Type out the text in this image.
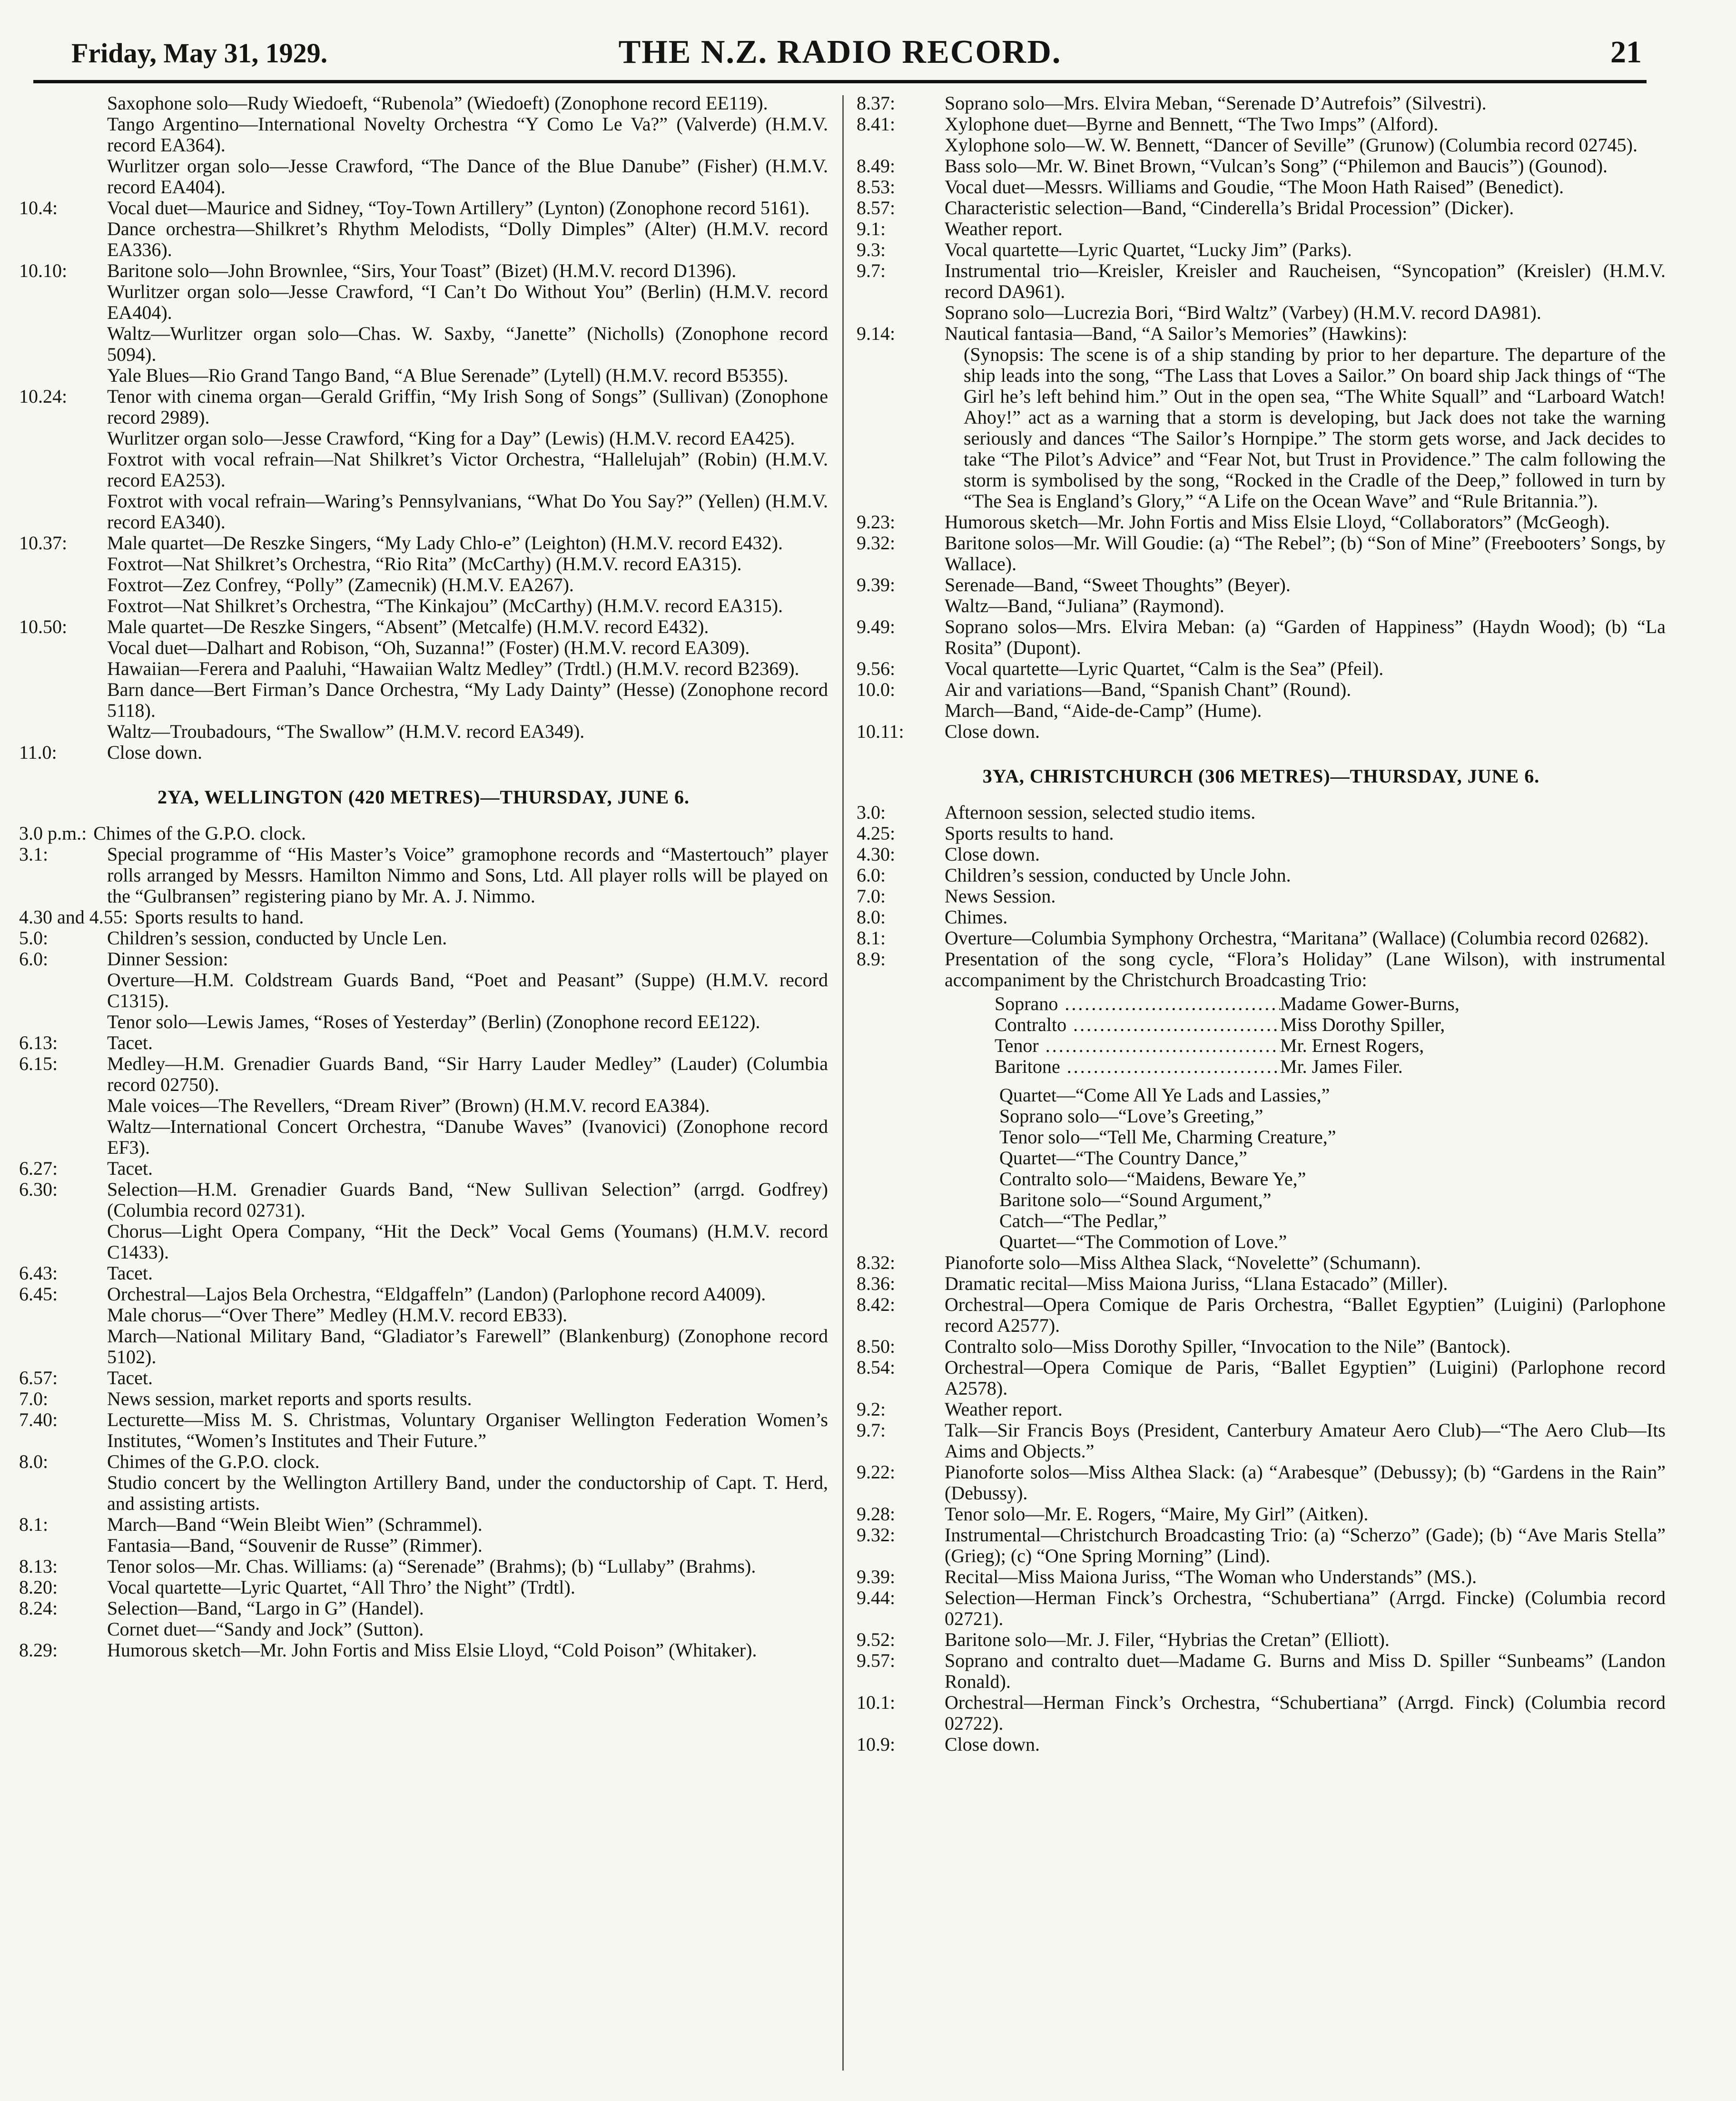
Friday, May 31, 1929.	THE N.Z. RADIO RECORD.	21

Saxophone solo—Rudy Wiedoeft, “Rubenola” (Wiedoeft) (Zonophone record EE119).

Tango Argentino—International Novelty Orchestra “Y Como Le Va?” (Valverde) (H.M.V. record EA364).

Wurlitzer organ solo—Jesse Crawford, “The Dance of the Blue Danube” (Fisher) (H.M.V. record EA404).

10.4:	Vocal duet—Maurice and Sidney, “Toy-Town Artillery” (Lynton) (Zonophone record 5161).

Dance orchestra—Shilkret’s Rhythm Melodists, “Dolly Dimples” (Alter) (H.M.V. record EA336).

10.10: Baritone solo—John Brownlee, “Sirs, Your Toast” (Bizet) (H.M.V. record D1396).

Wurlitzer organ solo—Jesse Crawford, “I Can’t Do Without You” (Berlin) (H.M.V. record EA404).

Waltz—Wurlitzer organ solo—Chas. W. Saxby, “Janette” (Nicholls) (Zonophone record 5094).

Yale Blues—Rio Grand Tango Band, “A Blue Serenade” (Lytell) (H.M.V. record B5355).

10.24: Tenor with cinema organ—Gerald Griffin, “My Irish Song of Songs” (Sullivan) (Zonophone record 2989).

Wurlitzer organ solo—Jesse Crawford, “King for a Day” (Lewis) (H.M.V. record EA425).

Foxtrot with vocal refrain—Nat Shilkret’s Victor Orchestra, “Hallelujah” (Robin) (H.M.V. record EA253).

Foxtrot with vocal refrain—Waring’s Pennsylvanians, “What Do You Say?” (Yellen) (H.M.V. record EA340).

10.37: Male quartet—De Reszke Singers, “My Lady Chlo-e” (Leighton) (H.M.V. record E432).

Foxtrot—Nat Shilkret’s Orchestra, “Rio Rita” (McCarthy) (H.M.V. record EA315).

Foxtrot—Zez Confrey, “Polly” (Zamecnik) (H.M.V. EA267).

Foxtrot—Nat Shilkret’s Orchestra, “The Kinkajou” (McCarthy) (H.M.V. record EA315).

10.50: Male quartet—De Reszke Singers, “Absent” (Metcalfe) (H.M.V. record E432).

Vocal duet—Dalhart and Robison, “Oh, Suzanna!” (Foster) (H.M.V. record EA309).

Hawaiian—Ferera and Paaluhi, “Hawaiian Waltz Medley” (Trdtl.) (H.M.V. record B2369).

Barn dance—Bert Firman’s Dance Orchestra, “My Lady Dainty” (Hesse) (Zonophone record 5118).

Waltz—Troubadours, “The Swallow” (H.M.V. record EA349).

11.0:	Close down.

2YA, WELLINGTON (420 METRES)—THURSDAY, JUNE 6.

3.0 p.m.: Chimes of the G.P.O. clock.

3.1:	Special programme of “His Master’s Voice” gramophone records and “Mastertouch” player rolls arranged by Messrs. Hamilton Nimmo and Sons, Ltd. All player rolls will be played on the “Gulbransen” registering piano by Mr. A. J. Nimmo.

4.30 and 4.55: Sports results to hand.

5.0:	Children’s session, conducted by Uncle Len.

6.0:	Dinner Session:

Overture—H.M. Coldstream Guards Band, “Poet and Peasant” (Suppe) (H.M.V. record C1315).

Tenor solo—Lewis James, “Roses of Yesterday” (Berlin) (Zonophone record EE122).

6.13:	Tacet.

6.15:	Medley—H.M. Grenadier Guards Band, “Sir Harry Lauder Medley” (Lauder) (Columbia record 02750).

Male voices—The Revellers, “Dream River” (Brown) (H.M.V. record EA384).

Waltz—International Concert Orchestra, “Danube Waves” (Ivanovici) (Zonophone record EF3).

6.27:	Tacet.

6.30:	Selection—H.M. Grenadier Guards Band, “New Sullivan Selection” (arrgd. Godfrey) (Columbia record 02731).

Chorus—Light Opera Company, “Hit the Deck” Vocal Gems (Youmans) (H.M.V. record C1433).

6.43:	Tacet.

6.45:	Orchestral—Lajos Bela Orchestra, “Eldgaffeln” (Landon) (Parlophone record A4009).

Male chorus—“Over There” Medley (H.M.V. record EB33).

March—National Military Band, “Gladiator’s Farewell” (Blankenburg) (Zonophone record 5102).

6.57:	Tacet.

7.0:	News session, market reports and sports results.

7.40:	Lecturette—Miss M. S. Christmas, Voluntary Organiser Wellington Federation Women’s Institutes, “Women’s Institutes and Their Future.”

8.0:	Chimes of the G.P.O. clock.

Studio concert by the Wellington Artillery Band, under the conductorship of Capt. T. Herd, and assisting artists.

8.1:	March—Band “Wein Bleibt Wien” (Schrammel).

Fantasia—Band, “Souvenir de Russe” (Rimmer).

8.13:	Tenor solos—Mr. Chas. Williams: (a) “Serenade” (Brahms); (b) “Lullaby” (Brahms).

8.20:	Vocal quartette—Lyric Quartet, “All Thro’ the Night” (Trdtl).

8.24:	Selection—Band, “Largo in G” (Handel).

Cornet duet—“Sandy and Jock” (Sutton).

8.29:	Humorous sketch—Mr. John Fortis and Miss Elsie Lloyd, “Cold Poison” (Whitaker).

8.37:	Soprano solo—Mrs. Elvira Meban, “Serenade D’Autrefois” (Silvestri).

8.41:	Xylophone duet—Byrne and Bennett, “The Two Imps” (Alford).

Xylophone solo—W. W. Bennett, “Dancer of Seville” (Grunow) (Columbia record 02745).

8.49:	Bass solo—Mr. W. Binet Brown, “Vulcan’s Song” (“Philemon and Baucis”) (Gounod).

8.53:	Vocal duet—Messrs. Williams and Goudie, “The Moon Hath Raised” (Benedict).

8.57:	Characteristic selection—Band, “Cinderella’s Bridal Procession” (Dicker).

9.1:	Weather report.

9.3:	Vocal quartette—Lyric Quartet, “Lucky Jim” (Parks).

9.7:	Instrumental trio—Kreisler, Kreisler and Raucheisen, “Syncopation” (Kreisler) (H.M.V. record DA961).

Soprano solo—Lucrezia Bori, “Bird Waltz” (Varbey) (H.M.V. record DA981).

9.14:	Nautical fantasia—Band, “A Sailor’s Memories” (Hawkins):

(Synopsis: The scene is of a ship standing by prior to her departure. The departure of the ship leads into the song, “The Lass that Loves a Sailor.” On board ship Jack things of “The Girl he’s left behind him.” Out in the open sea, “The White Squall” and “Larboard Watch! Ahoy!” act as a warning that a storm is developing, but Jack does not take the warning seriously and dances “The Sailor’s Hornpipe.” The storm gets worse, and Jack decides to take “The Pilot’s Advice” and “Fear Not, but Trust in Providence.” The calm following the storm is symbolised by the song, “Rocked in the Cradle of the Deep,” followed in turn by “The Sea is England’s Glory,” “A Life on the Ocean Wave” and “Rule Britannia.”).

9.23:	Humorous sketch—Mr. John Fortis and Miss Elsie Lloyd, “Collaborators” (McGeogh).

9.32:	Baritone solos—Mr. Will Goudie: (a) “The Rebel”; (b) “Son of Mine” (Freebooters’ Songs, by Wallace).

9.39:	Serenade—Band, “Sweet Thoughts” (Beyer).

Waltz—Band, “Juliana” (Raymond).

9.49:	Soprano solos—Mrs. Elvira Meban: (a) “Garden of Happiness” (Haydn Wood); (b) “La Rosita” (Dupont).

9.56:	Vocal quartette—Lyric Quartet, “Calm is the Sea” (Pfeil).

10.0:	Air and variations—Band, “Spanish Chant” (Round).

March—Band, “Aide-de-Camp” (Hume).

10.11: Close down.

3YA, CHRISTCHURCH (306 METRES)—THURSDAY, JUNE 6.

3.0:	Afternoon session, selected studio items.

4.25:	Sports results to hand.

4.30:	Close down.

6.0:	Children’s session, conducted by Uncle John.

7.0:	News Session.

8.0:	Chimes.

8.1:	Overture—Columbia Symphony Orchestra, “Maritana” (Wallace) (Columbia record 02682).

8.9:	Presentation of the song cycle, “Flora’s Holiday” (Lane Wilson), with instrumental accompaniment by the Christchurch Broadcasting Trio:

Soprano .....	Madame Gower-Burns,
Contralto .....	Miss Dorothy Spiller,
Tenor .....	Mr. Ernest Rogers,
Baritone .....	Mr. James Filer.

Quartet—“Come All Ye Lads and Lassies,”

Soprano solo—“Love’s Greeting,”

Tenor solo—“Tell Me, Charming Creature,”

Quartet—“The Country Dance,”

Contralto solo—“Maidens, Beware Ye,”

Baritone solo—“Sound Argument,”

Catch—“The Pedlar,”

Quartet—“The Commotion of Love.”

8.32:	Pianoforte solo—Miss Althea Slack, “Novelette” (Schumann).

8.36:	Dramatic recital—Miss Maiona Juriss, “Llana Estacado” (Miller).

8.42:	Orchestral—Opera Comique de Paris Orchestra, “Ballet Egyptien” (Luigini) (Parlophone record A2577).

8.50:	Contralto solo—Miss Dorothy Spiller, “Invocation to the Nile” (Bantock).

8.54:	Orchestral—Opera Comique de Paris, “Ballet Egyptien” (Luigini) (Parlophone record A2578).

9.2:	Weather report.

9.7:	Talk—Sir Francis Boys (President, Canterbury Amateur Aero Club)—“The Aero Club—Its Aims and Objects.”

9.22:	Pianoforte solos—Miss Althea Slack: (a) “Arabesque” (Debussy); (b) “Gardens in the Rain” (Debussy).

9.28:	Tenor solo—Mr. E. Rogers, “Maire, My Girl” (Aitken).

9.32:	Instrumental—Christchurch Broadcasting Trio: (a) “Scherzo” (Gade); (b) “Ave Maris Stella” (Grieg); (c) “One Spring Morning” (Lind).

9.39:	Recital—Miss Maiona Juriss, “The Woman who Understands” (MS.).

9.44:	Selection—Herman Finck’s Orchestra, “Schubertiana” (Arrgd. Fincke) (Columbia record 02721).

9.52:	Baritone solo—Mr. J. Filer, “Hybrias the Cretan” (Elliott).

9.57:	Soprano and contralto duet—Madame G. Burns and Miss D. Spiller “Sunbeams” (Landon Ronald).

10.1:	Orchestral—Herman Finck’s Orchestra, “Schubertiana” (Arrgd. Finck) (Columbia record 02722).

10.9:	Close down.
